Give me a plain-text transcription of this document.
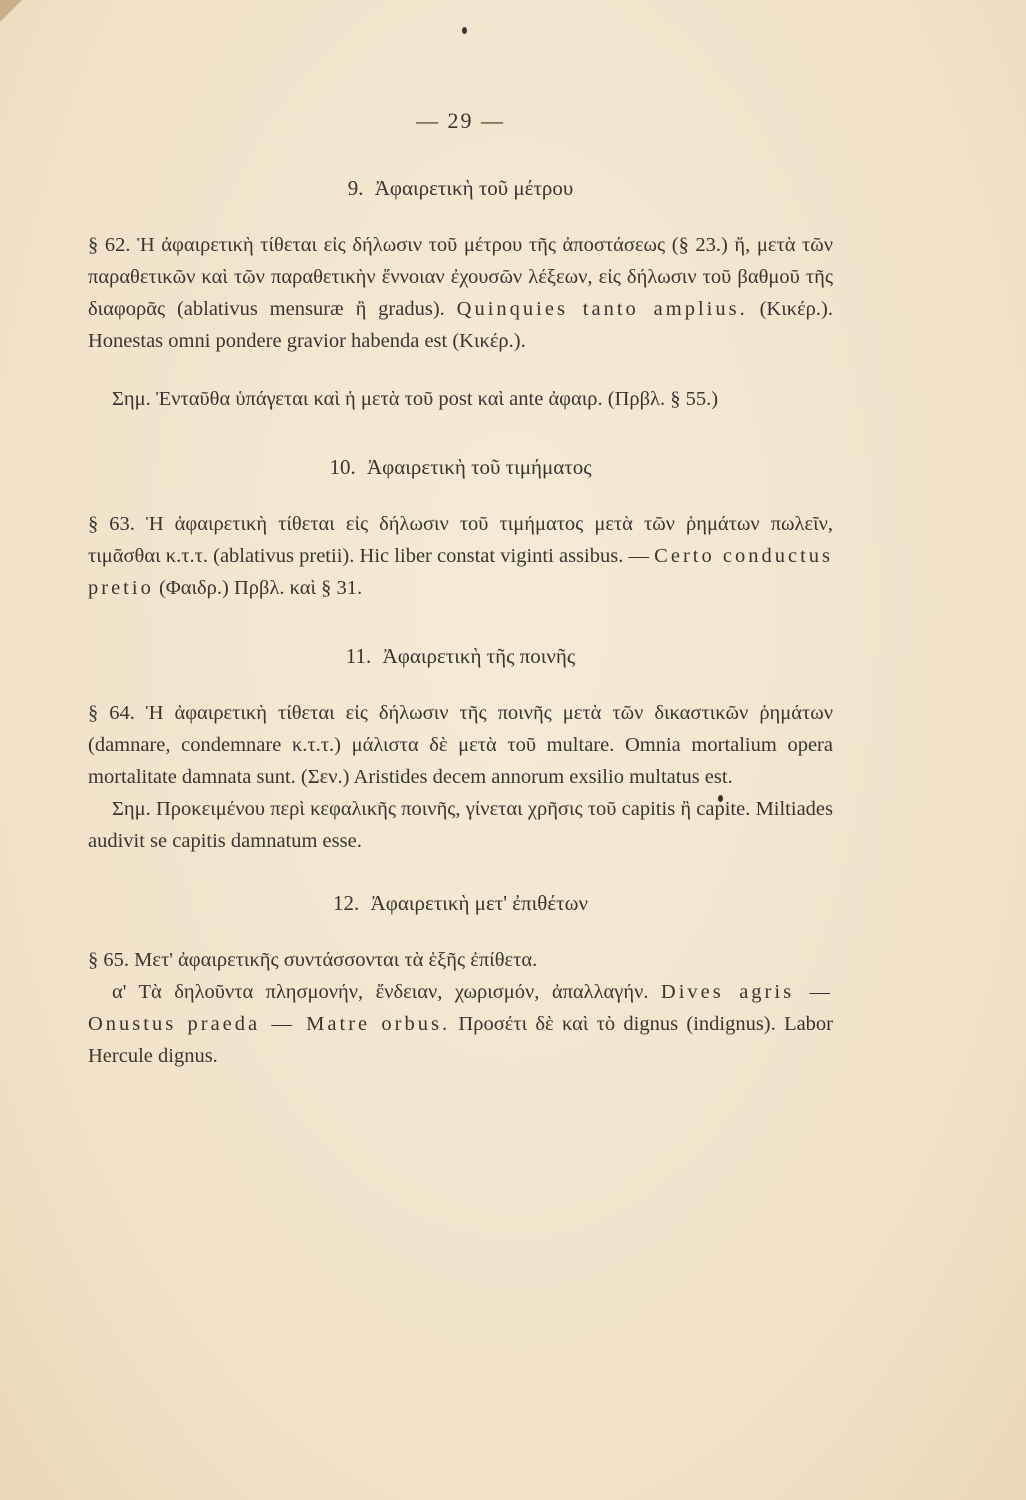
— 29 —
9. Ἀφαιρετικὴ τοῦ μέτρου

§ 62. Ἡ ἀφαιρετικὴ τίθεται εἰς δήλωσιν τοῦ μέτρου τῆς ἀποστάσεως (§ 23.) ἤ, μετὰ τῶν παραθετικῶν καὶ τῶν παραθετικὴν ἔννοιαν ἐχουσῶν λέξεων, εἰς δήλωσιν τοῦ βαθμοῦ τῆς διαφορᾶς (ablativus mensuræ ἢ gradus). Quinquies tanto amplius. (Κικέρ.). Honestas omni pondere gravior habenda est (Κικέρ.).

Σημ. Ἐνταῦθα ὑπάγεται καὶ ἡ μετὰ τοῦ post καὶ ante ἀφαιρ. (Πρβλ. § 55.)

10. Ἀφαιρετικὴ τοῦ τιμήματος

§ 63. Ἡ ἀφαιρετικὴ τίθεται εἰς δήλωσιν τοῦ τιμήματος μετὰ τῶν ῥημάτων πωλεῖν, τιμᾶσθαι κ.τ.τ. (ablativus pretii). Hic liber constat viginti assibus. — Certo conductus pretio (Φαιδρ.) Πρβλ. καὶ § 31.

11. Ἀφαιρετικὴ τῆς ποινῆς

§ 64. Ἡ ἀφαιρετικὴ τίθεται εἰς δήλωσιν τῆς ποινῆς μετὰ τῶν δικαστικῶν ῥημάτων (damnare, condemnare κ.τ.τ.) μάλιστα δὲ μετὰ τοῦ multare. Omnia mortalium opera mortalitate damnata sunt. (Σεν.) Aristides decem annorum exsilio multatus est.

Σημ. Προκειμένου περὶ κεφαλικῆς ποινῆς, γίνεται χρῆσις τοῦ capitis ἢ capite. Miltiades audivit se capitis damnatum esse.

12. Ἀφαιρετικὴ μετ' ἐπιθέτων

§ 65. Μετ' ἀφαιρετικῆς συντάσσονται τὰ ἑξῆς ἐπίθετα.

α' Τὰ δηλοῦντα πλησμονήν, ἔνδειαν, χωρισμόν, ἀπαλλαγήν. Dives agris — Onustus praeda — Matre orbus. Προσέτι δὲ καὶ τὸ dignus (indignus). Labor Hercule dignus.
